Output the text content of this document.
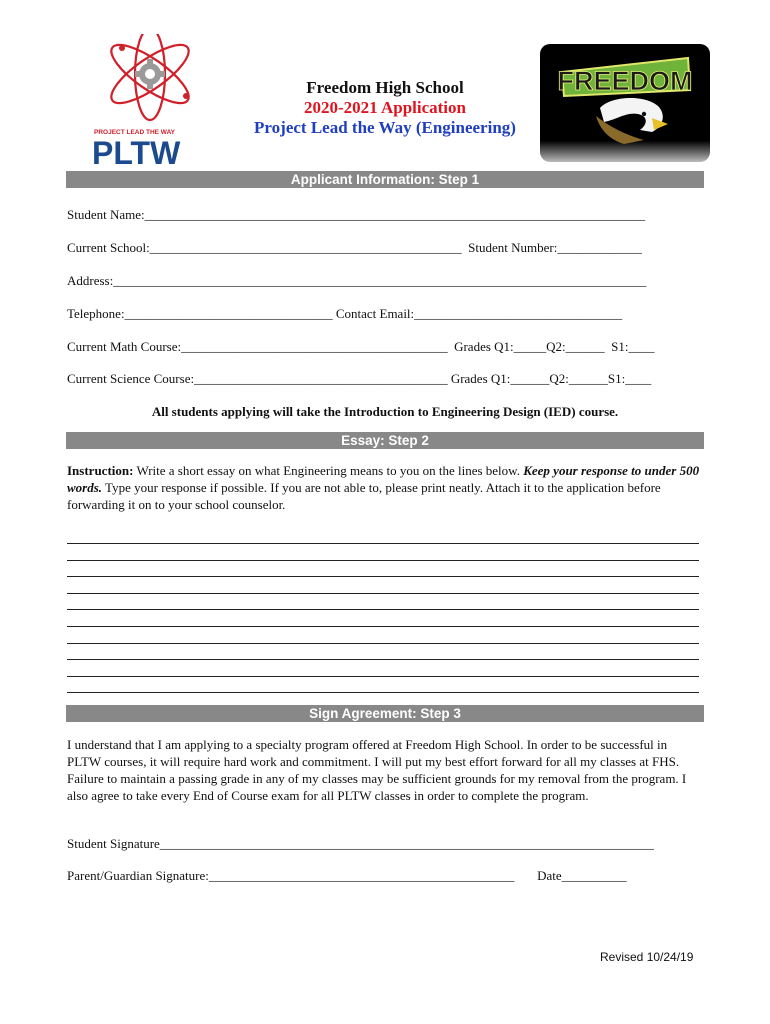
PROJECT LEAD THE WAY
PLTW
Freedom High School
2020-2021 Application
Project Lead the Way (Engineering)
FREEDOM
Applicant Information: Step 1
Student Name:_____________________________________________________________________________
Current School:________________________________________________  Student Number:_____________
Address:__________________________________________________________________________________
Telephone:________________________________ Contact Email:________________________________
Current Math Course:_________________________________________  Grades Q1:_____Q2:______  S1:____
Current Science Course:_______________________________________ Grades Q1:______Q2:______S1:____
All students applying will take the Introduction to Engineering Design (IED) course.
Essay: Step 2
Instruction: Write a short essay on what Engineering means to you on the lines below. Keep your response to under 500 words. Type your response if possible. If you are not able to, please print neatly. Attach it to the application before forwarding it on to your school counselor.
Sign Agreement: Step 3
I understand that I am applying to a specialty program offered at Freedom High School. In order to be successful in PLTW courses, it will require hard work and commitment. I will put my best effort forward for all my classes at FHS. Failure to maintain a passing grade in any of my classes may be sufficient grounds for my removal from the program. I also agree to take every End of Course exam for all PLTW classes in order to complete the program.
Student Signature____________________________________________________________________________
Parent/Guardian Signature:_______________________________________________       Date__________
Revised 10/24/19
